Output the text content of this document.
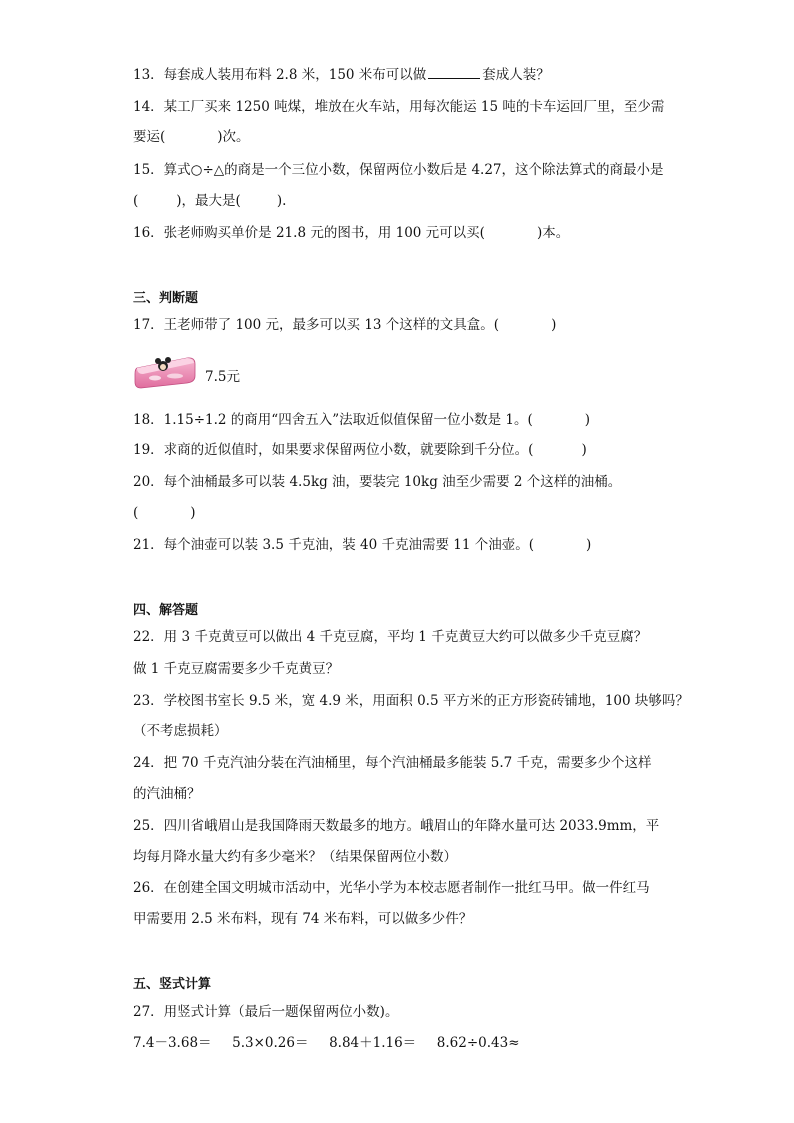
13．每套成人装用布料 2.8 米，150 米布可以做	套成人装？
14．某工厂买来 1250 吨煤，堆放在火车站，用每次能运 15 吨的卡车运回厂里，至少需
要运(	)次。
15．算式○÷△的商是一个三位小数，保留两位小数后是 4.27，这个除法算式的商最小是
(	)，最大是(	).
16．张老师购买单价是 21.8 元的图书，用 100 元可以买(	)本。
三、判断题
17．王老师带了 100 元，最多可以买 13 个这样的文具盒。(	)
7.5元
18．1.15÷1.2 的商用“四舍五入”法取近似值保留一位小数是 1。(	)
19．求商的近似值时，如果要求保留两位小数，就要除到千分位。(	)
20．每个油桶最多可以装 4.5kg 油，要装完 10kg 油至少需要 2 个这样的油桶。
(	)
21．每个油壶可以装 3.5 千克油，装 40 千克油需要 11 个油壶。(	)
四、解答题
22．用 3 千克黄豆可以做出 4 千克豆腐，平均 1 千克黄豆大约可以做多少千克豆腐？
做 1 千克豆腐需要多少千克黄豆？
23．学校图书室长 9.5 米，宽 4.9 米，用面积 0.5 平方米的正方形瓷砖铺地，100 块够吗？
（不考虑损耗）
24．把 70 千克汽油分装在汽油桶里，每个汽油桶最多能装 5.7 千克，需要多少个这样
的汽油桶？
25．四川省峨眉山是我国降雨天数最多的地方。峨眉山的年降水量可达 2033.9mm，平
均每月降水量大约有多少毫米？（结果保留两位小数）
26．在创建全国文明城市活动中，光华小学为本校志愿者制作一批红马甲。做一件红马
甲需要用 2.5 米布料，现有 74 米布料，可以做多少件？
五、竖式计算
27．用竖式计算（最后一题保留两位小数)。
7.4－3.68＝ 5.3×0.26＝ 8.84＋1.16＝ 8.62÷0.43≈
